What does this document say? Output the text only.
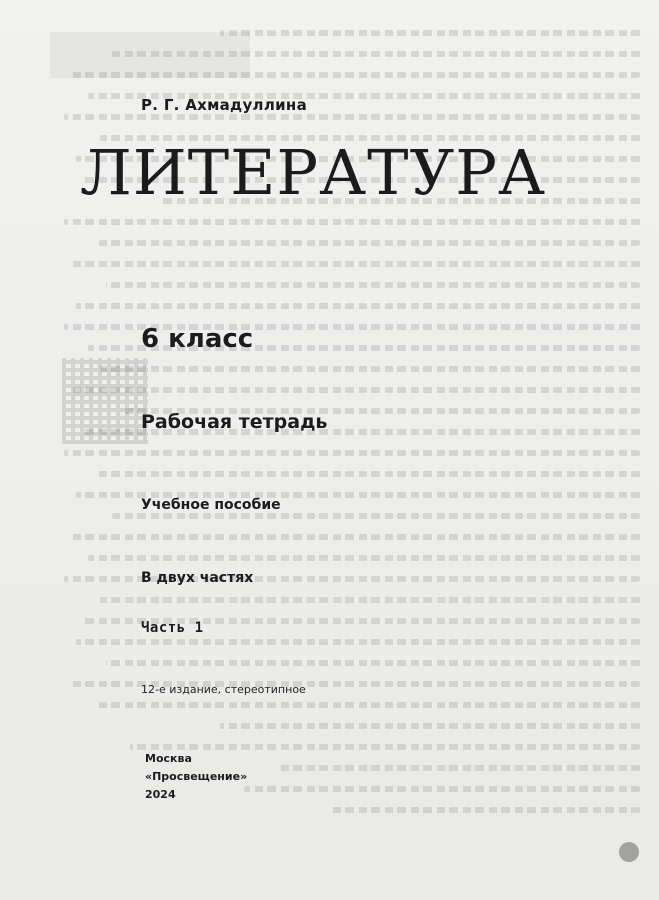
Р. Г. Ахмадуллина
ЛИТЕРАТУРА
6 класс
Рабочая тетрадь
Учебное пособие
В двух частях
Часть 1
12-е издание, стереотипное
Москва
«Просвещение»
2024
